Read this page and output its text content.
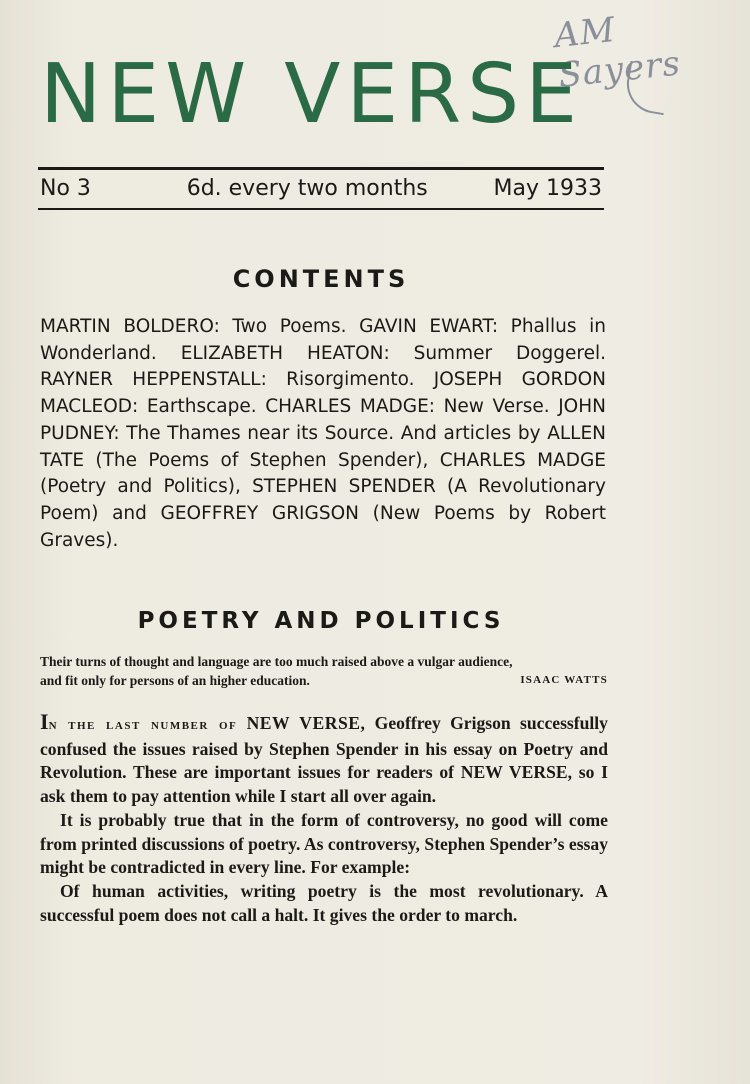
AM Sayers
NEW VERSE
No 3	6d. every two months	May 1933
CONTENTS

MARTIN BOLDERO: Two Poems. GAVIN EWART: Phallus in Wonderland. ELIZABETH HEATON: Summer Doggerel. RAYNER HEPPENSTALL: Risorgimento. JOSEPH GORDON MACLEOD: Earthscape. CHARLES MADGE: New Verse. JOHN PUDNEY: The Thames near its Source. And articles by ALLEN TATE (The Poems of Stephen Spender), CHARLES MADGE (Poetry and Politics), STEPHEN SPENDER (A Revolutionary Poem) and GEOFFREY GRIGSON (New Poems by Robert Graves).

POETRY AND POLITICS

ISAAC WATTS
Their turns of thought and language are too much raised above a vulgar audience, and fit only for persons of an higher education.

In the last number of NEW VERSE, Geoffrey Grigson successfully confused the issues raised by Stephen Spender in his essay on Poetry and Revolution. These are important issues for readers of NEW VERSE, so I ask them to pay attention while I start all over again.

It is probably true that in the form of controversy, no good will come from printed discussions of poetry. As controversy, Stephen Spender’s essay might be contradicted in every line. For example:

Of human activities, writing poetry is the most revolutionary. A successful poem does not call a halt. It gives the order to march.
